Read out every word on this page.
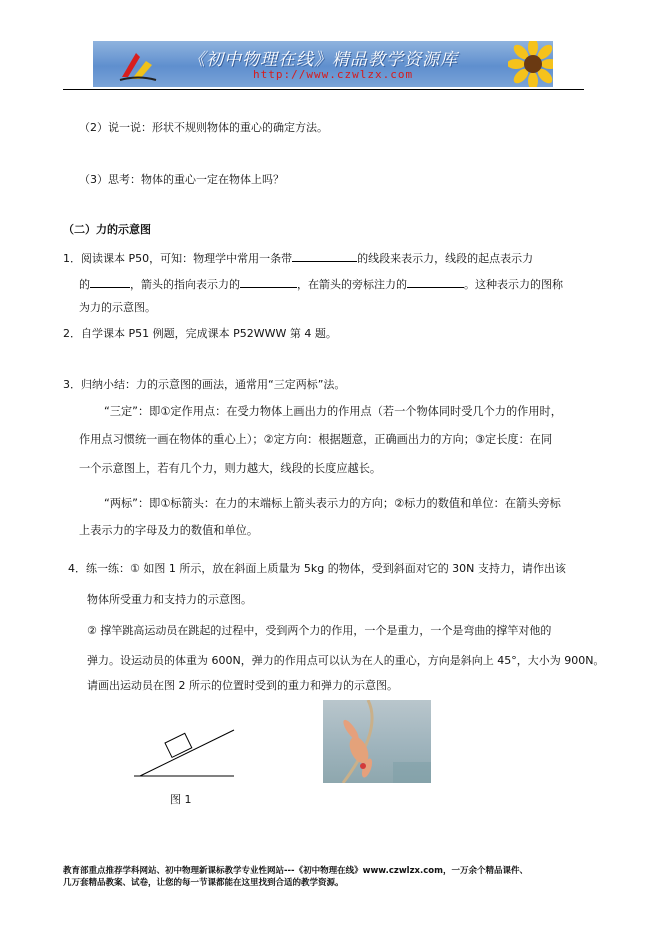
《初中物理在线》精品教学资源库
http://www.czwlzx.com
（2）说一说：形状不规则物体的重心的确定方法。
（3）思考：物体的重心一定在物体上吗？
（二）力的示意图
1．阅读课本 P50，可知：物理学中常用一条带	的线段来表示力，线段的起点表示力
的	，箭头的指向表示力的	，在箭头的旁标注力的	。这种表示力的图称
为力的示意图。
2．自学课本 P51 例题，完成课本 P52WWW 第 4 题。
3．归纳小结：力的示意图的画法，通常用“三定两标”法。
“三定”：即①定作用点：在受力物体上画出力的作用点（若一个物体同时受几个力的作用时，
作用点习惯统一画在物体的重心上）；②定方向：根据题意，正确画出力的方向；③定长度：在同
一个示意图上，若有几个力，则力越大，线段的长度应越长。
“两标”：即①标箭头：在力的末端标上箭头表示力的方向；②标力的数值和单位：在箭头旁标
上表示力的字母及力的数值和单位。
4．练一练：① 如图 1 所示，放在斜面上质量为 5kg 的物体，受到斜面对它的 30N 支持力，请作出该
物体所受重力和支持力的示意图。
② 撑竿跳高运动员在跳起的过程中，受到两个力的作用，一个是重力，一个是弯曲的撑竿对他的
弹力。设运动员的体重为 600N，弹力的作用点可以认为在人的重心，方向是斜向上 45°，大小为 900N。
请画出运动员在图 2 所示的位置时受到的重力和弹力的示意图。
图 1
教育部重点推荐学科网站、初中物理新课标教学专业性网站---《初中物理在线》www.czwlzx.com，一万余个精品课件、
几万套精品教案、试卷，让您的每一节课都能在这里找到合适的教学资源。
